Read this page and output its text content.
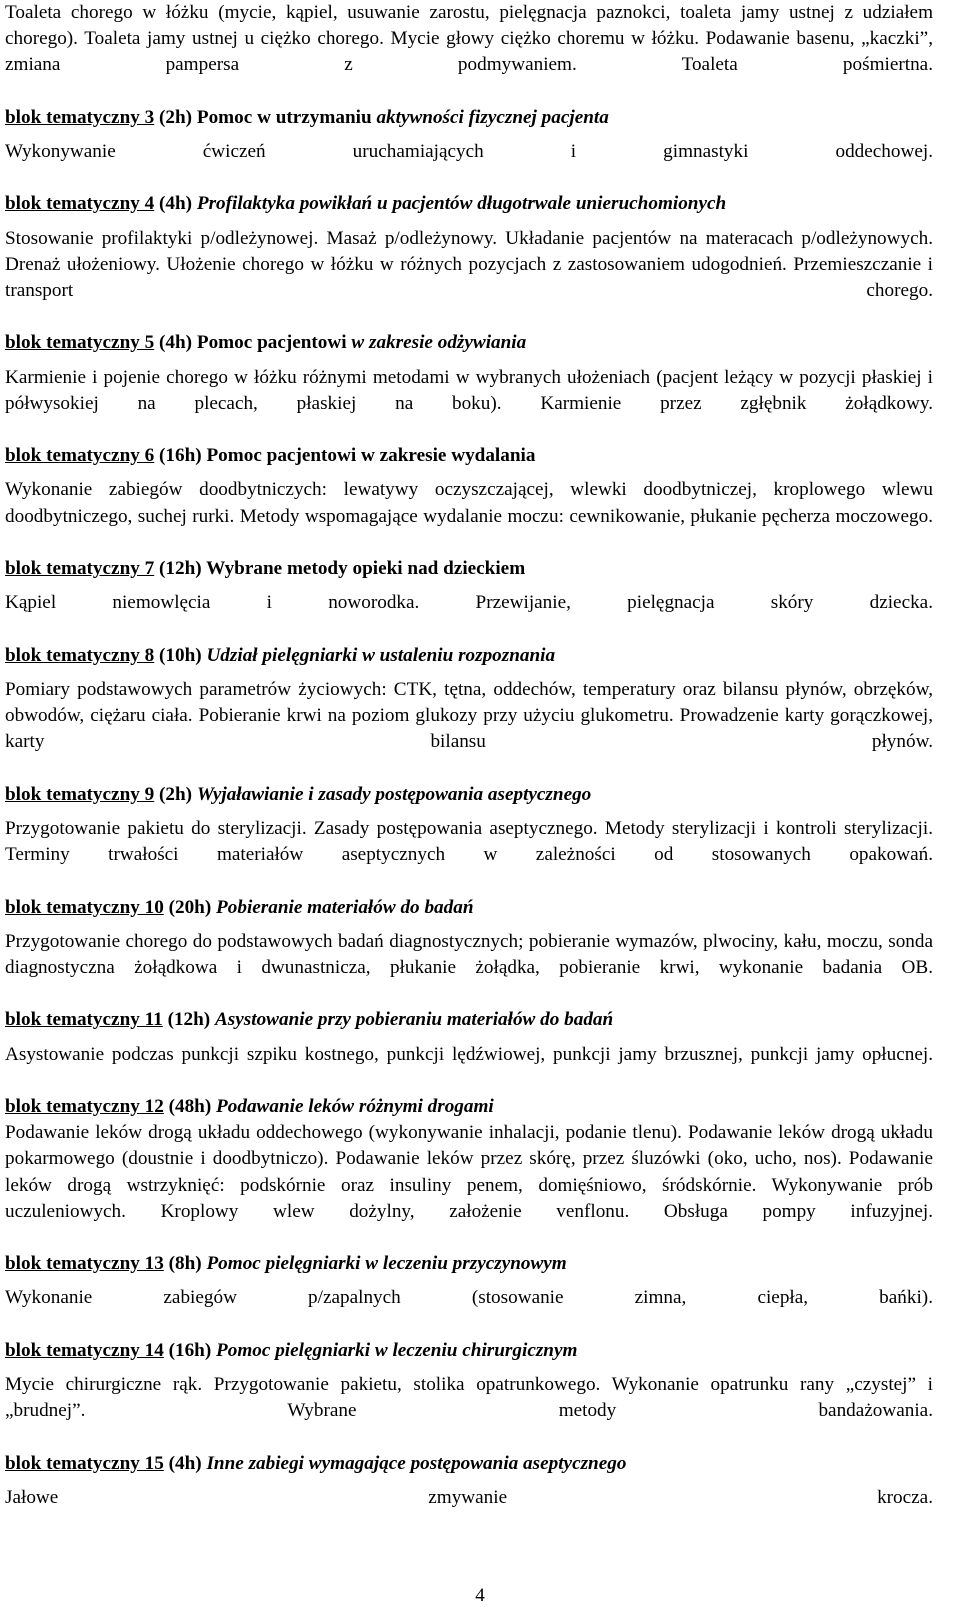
Toaleta chorego w łóżku (mycie, kąpiel, usuwanie zarostu, pielęgnacja paznokci, toaleta jamy ustnej z udziałem chorego). Toaleta jamy ustnej u ciężko chorego. Mycie głowy ciężko choremu w łóżku. Podawanie basenu, „kaczki”, zmiana pampersa z podmywaniem. Toaleta pośmiertna.

blok tematyczny 3 (2h) Pomoc w utrzymaniu aktywności fizycznej pacjenta

Wykonywanie ćwiczeń uruchamiających i gimnastyki oddechowej.

blok tematyczny 4 (4h) Profilaktyka powikłań u pacjentów długotrwale unieruchomionych

Stosowanie profilaktyki p/odleżynowej. Masaż p/odleżynowy. Układanie pacjentów na materacach p/odleżynowych. Drenaż ułożeniowy. Ułożenie chorego w łóżku w różnych pozycjach z zastosowaniem udogodnień. Przemieszczanie i transport chorego.

blok tematyczny 5 (4h) Pomoc pacjentowi w zakresie odżywiania

Karmienie i pojenie chorego w łóżku różnymi metodami w wybranych ułożeniach (pacjent leżący w pozycji płaskiej i półwysokiej na plecach, płaskiej na boku). Karmienie przez zgłębnik żołądkowy.

blok tematyczny 6 (16h) Pomoc pacjentowi w zakresie wydalania

Wykonanie zabiegów doodbytniczych: lewatywy oczyszczającej, wlewki doodbytniczej, kroplowego wlewu doodbytniczego, suchej rurki. Metody wspomagające wydalanie moczu: cewnikowanie, płukanie pęcherza moczowego.

blok tematyczny 7 (12h) Wybrane metody opieki nad dzieckiem

Kąpiel niemowlęcia i noworodka. Przewijanie, pielęgnacja skóry dziecka.

blok tematyczny 8 (10h) Udział pielęgniarki w ustaleniu rozpoznania

Pomiary podstawowych parametrów życiowych: CTK, tętna, oddechów, temperatury oraz bilansu płynów, obrzęków, obwodów, ciężaru ciała. Pobieranie krwi na poziom glukozy przy użyciu glukometru. Prowadzenie karty gorączkowej, karty bilansu płynów.

blok tematyczny 9 (2h) Wyjaławianie i zasady postępowania aseptycznego

Przygotowanie pakietu do sterylizacji. Zasady postępowania aseptycznego. Metody sterylizacji i kontroli sterylizacji. Terminy trwałości materiałów aseptycznych w zależności od stosowanych opakowań.

blok tematyczny 10 (20h) Pobieranie materiałów do badań

Przygotowanie chorego do podstawowych badań diagnostycznych; pobieranie wymazów, plwociny, kału, moczu, sonda diagnostyczna żołądkowa i dwunastnicza, płukanie żołądka, pobieranie krwi, wykonanie badania OB.

blok tematyczny 11 (12h) Asystowanie przy pobieraniu materiałów do badań

Asystowanie podczas punkcji szpiku kostnego, punkcji lędźwiowej, punkcji jamy brzusznej, punkcji jamy opłucnej.

blok tematyczny 12 (48h) Podawanie leków różnymi drogami

Podawanie leków drogą układu oddechowego (wykonywanie inhalacji, podanie tlenu). Podawanie leków drogą układu pokarmowego (doustnie i doodbytniczo). Podawanie leków przez skórę, przez śluzówki (oko, ucho, nos). Podawanie leków drogą wstrzyknięć: podskórnie oraz insuliny penem, domięśniowo, śródskórnie. Wykonywanie prób uczuleniowych. Kroplowy wlew dożylny, założenie venflonu. Obsługa pompy infuzyjnej.

blok tematyczny 13 (8h) Pomoc pielęgniarki w leczeniu przyczynowym

Wykonanie zabiegów p/zapalnych (stosowanie zimna, ciepła, bańki).

blok tematyczny 14 (16h) Pomoc pielęgniarki w leczeniu chirurgicznym

Mycie chirurgiczne rąk. Przygotowanie pakietu, stolika opatrunkowego. Wykonanie opatrunku rany „czystej” i „brudnej”. Wybrane metody bandażowania.

blok tematyczny 15 (4h) Inne zabiegi wymagające postępowania aseptycznego

Jałowe zmywanie krocza.

4
